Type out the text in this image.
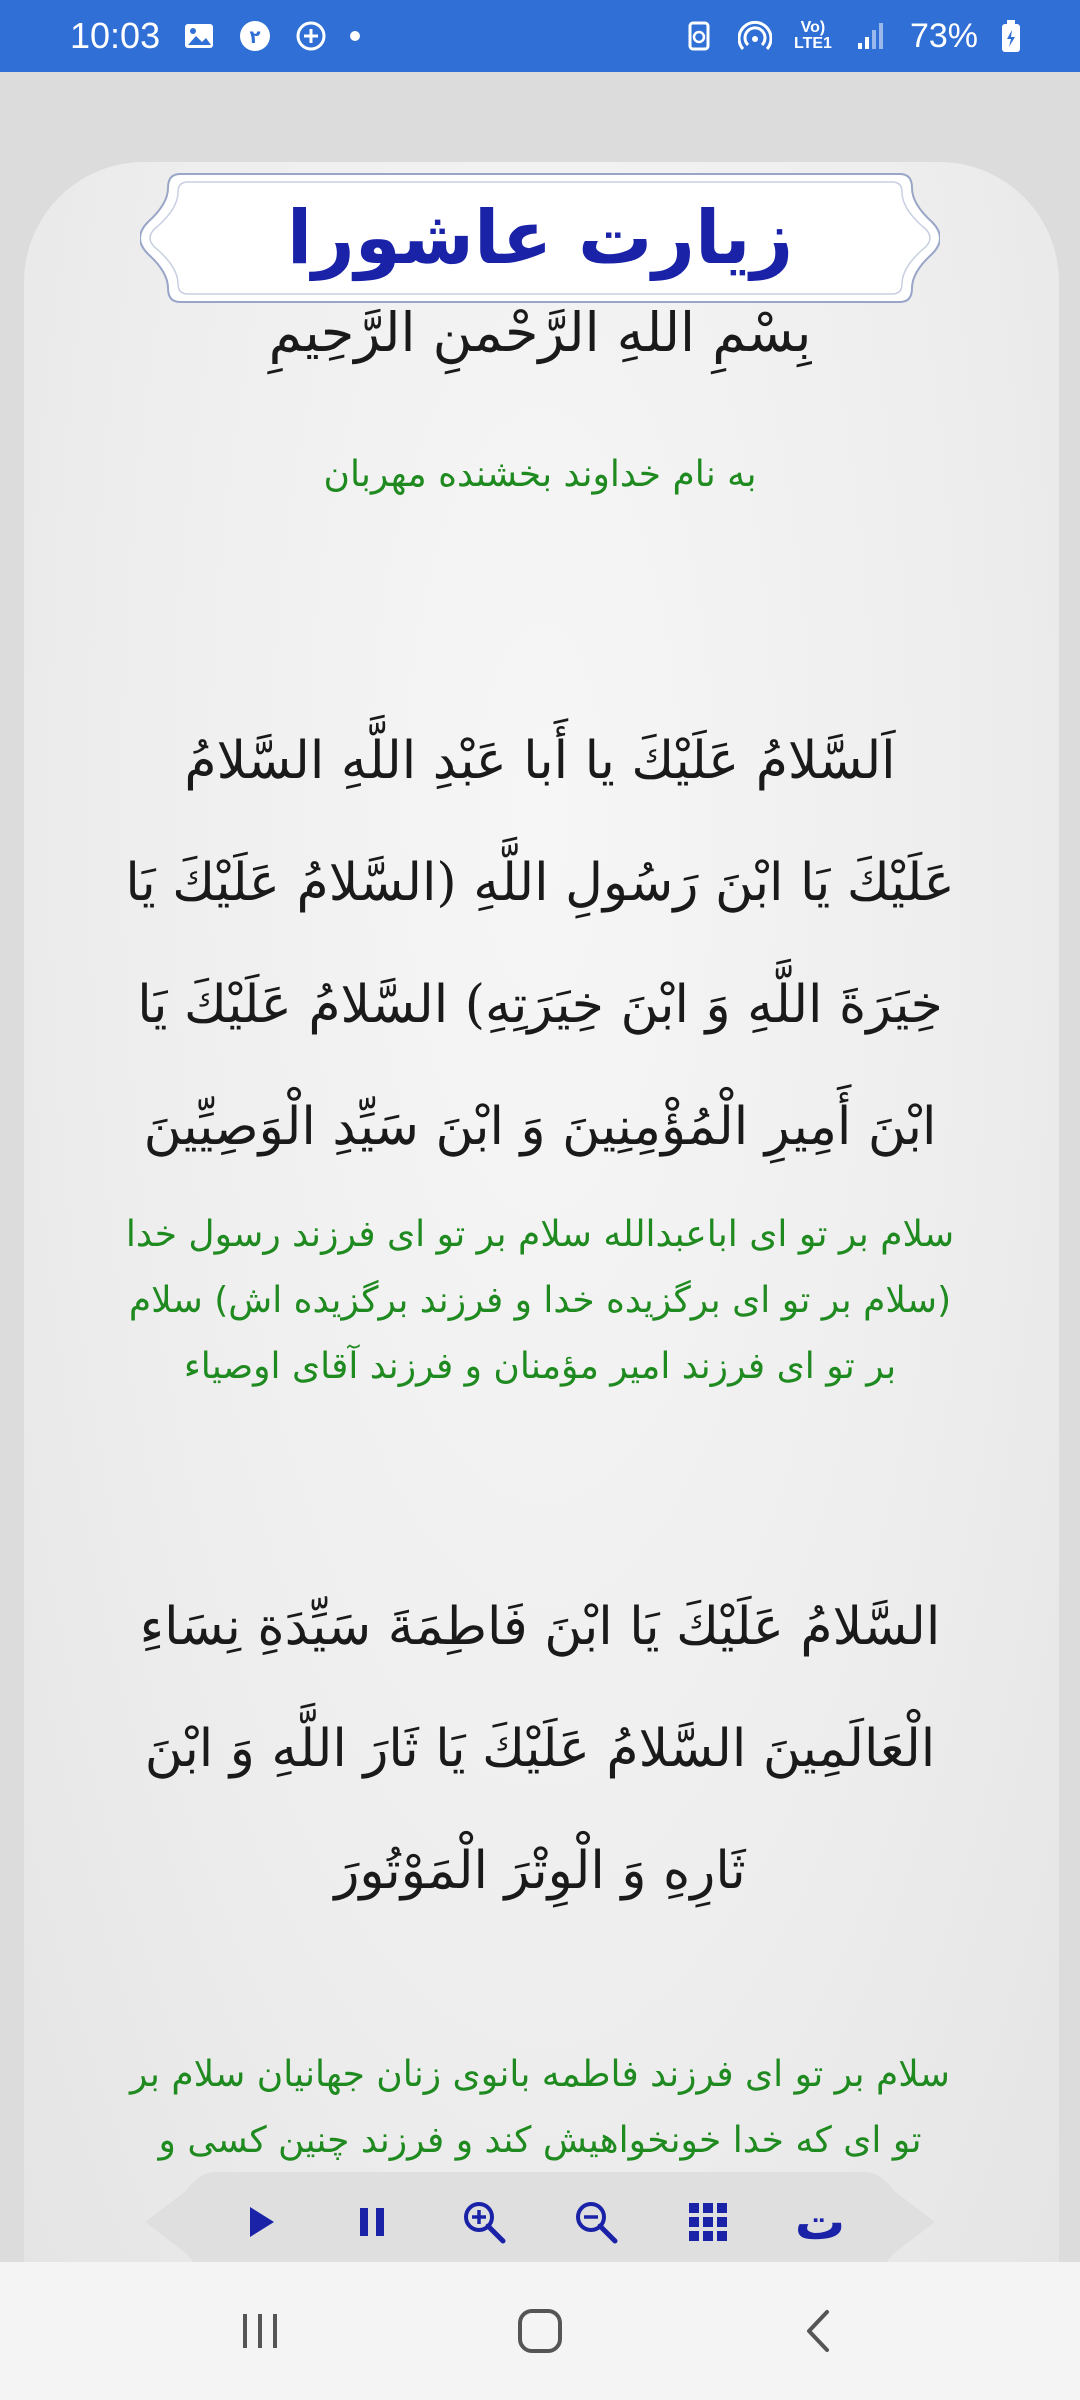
10:03	٢	Vo)
LTE1 73%
زيارت عاشورا
بِسْمِ اللهِ الرَّحْمنِ الرَّحِيمِ
به نام خداوند بخشنده مهربان
اَلسَّلامُ عَلَيْكَ يا أَبا عَبْدِ اللَّهِ السَّلامُ
عَلَيْكَ يَا ابْنَ رَسُولِ اللَّهِ (السَّلامُ عَلَيْكَ يَا
خِيَرَةَ اللَّهِ وَ ابْنَ خِيَرَتِهِ) السَّلامُ عَلَيْكَ يَا
ابْنَ أَمِيرِ الْمُؤْمِنِينَ وَ ابْنَ سَيِّدِ الْوَصِيِّينَ
سلام بر تو ای اباعبدالله سلام بر تو ای فرزند رسول خدا
(سلام بر تو ای برگزیده خدا و فرزند برگزیده اش) سلام
بر تو ای فرزند امیر مؤمنان و فرزند آقای اوصیاء
السَّلامُ عَلَيْكَ يَا ابْنَ فَاطِمَةَ سَيِّدَةِ نِسَاءِ
الْعَالَمِينَ السَّلامُ عَلَيْكَ يَا ثَارَ اللَّهِ وَ ابْنَ
ثَارِهِ وَ الْوِتْرَ الْمَوْتُورَ
سلام بر تو ای فرزند فاطمه بانوی زنان جهانیان سلام بر
تو ای که خدا خونخواهیش کند و فرزند چنین کسی و
ت
